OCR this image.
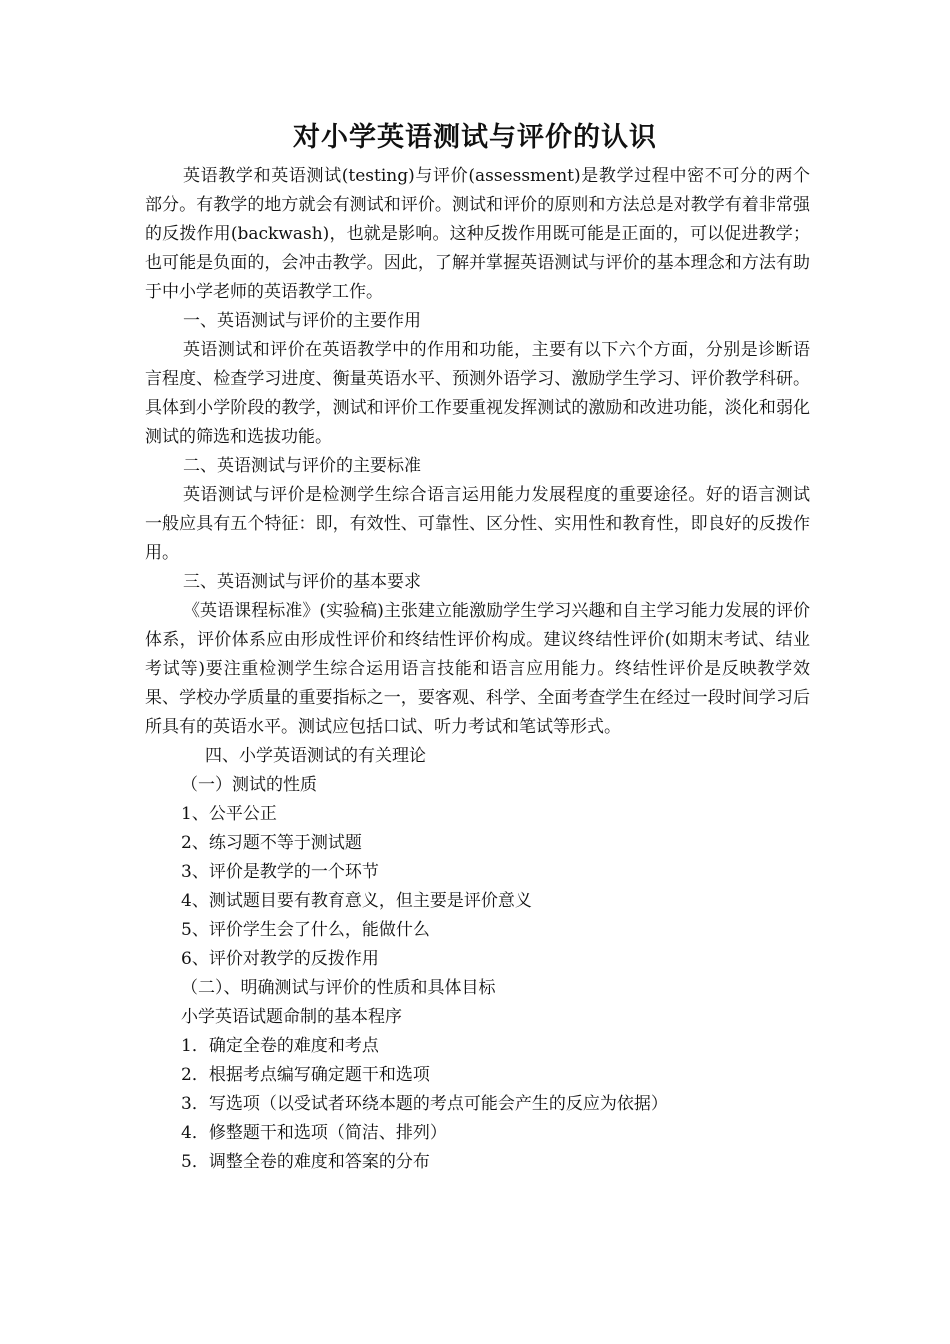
对小学英语测试与评价的认识

英语教学和英语测试(testing)与评价(assessment)是教学过程中密不可分的两个部分。有教学的地方就会有测试和评价。测试和评价的原则和方法总是对教学有着非常强的反拨作用(backwash)，也就是影响。这种反拨作用既可能是正面的，可以促进教学；也可能是负面的，会冲击教学。因此，了解并掌握英语测试与评价的基本理念和方法有助于中小学老师的英语教学工作。

一、英语测试与评价的主要作用

英语测试和评价在英语教学中的作用和功能，主要有以下六个方面，分别是诊断语言程度、检查学习进度、衡量英语水平、预测外语学习、激励学生学习、评价教学科研。具体到小学阶段的教学，测试和评价工作要重视发挥测试的激励和改进功能，淡化和弱化测试的筛选和选拔功能。

二、英语测试与评价的主要标准

英语测试与评价是检测学生综合语言运用能力发展程度的重要途径。好的语言测试一般应具有五个特征：即，有效性、可靠性、区分性、实用性和教育性，即良好的反拨作用。

三、英语测试与评价的基本要求

《英语课程标准》(实验稿)主张建立能激励学生学习兴趣和自主学习能力发展的评价体系，评价体系应由形成性评价和终结性评价构成。建议终结性评价(如期末考试、结业考试等)要注重检测学生综合运用语言技能和语言应用能力。终结性评价是反映教学效果、学校办学质量的重要指标之一，要客观、科学、全面考查学生在经过一段时间学习后所具有的英语水平。测试应包括口试、听力考试和笔试等形式。

四、小学英语测试的有关理论

（一）测试的性质

1、公平公正

2、练习题不等于测试题

3、评价是教学的一个环节

4、测试题目要有教育意义，但主要是评价意义

5、评价学生会了什么，能做什么

6、评价对教学的反拨作用

（二）、明确测试与评价的性质和具体目标

小学英语试题命制的基本程序

1．确定全卷的难度和考点

2．根据考点编写确定题干和选项

3．写选项（以受试者环绕本题的考点可能会产生的反应为依据）

4．修整题干和选项（简洁、排列）

5．调整全卷的难度和答案的分布
